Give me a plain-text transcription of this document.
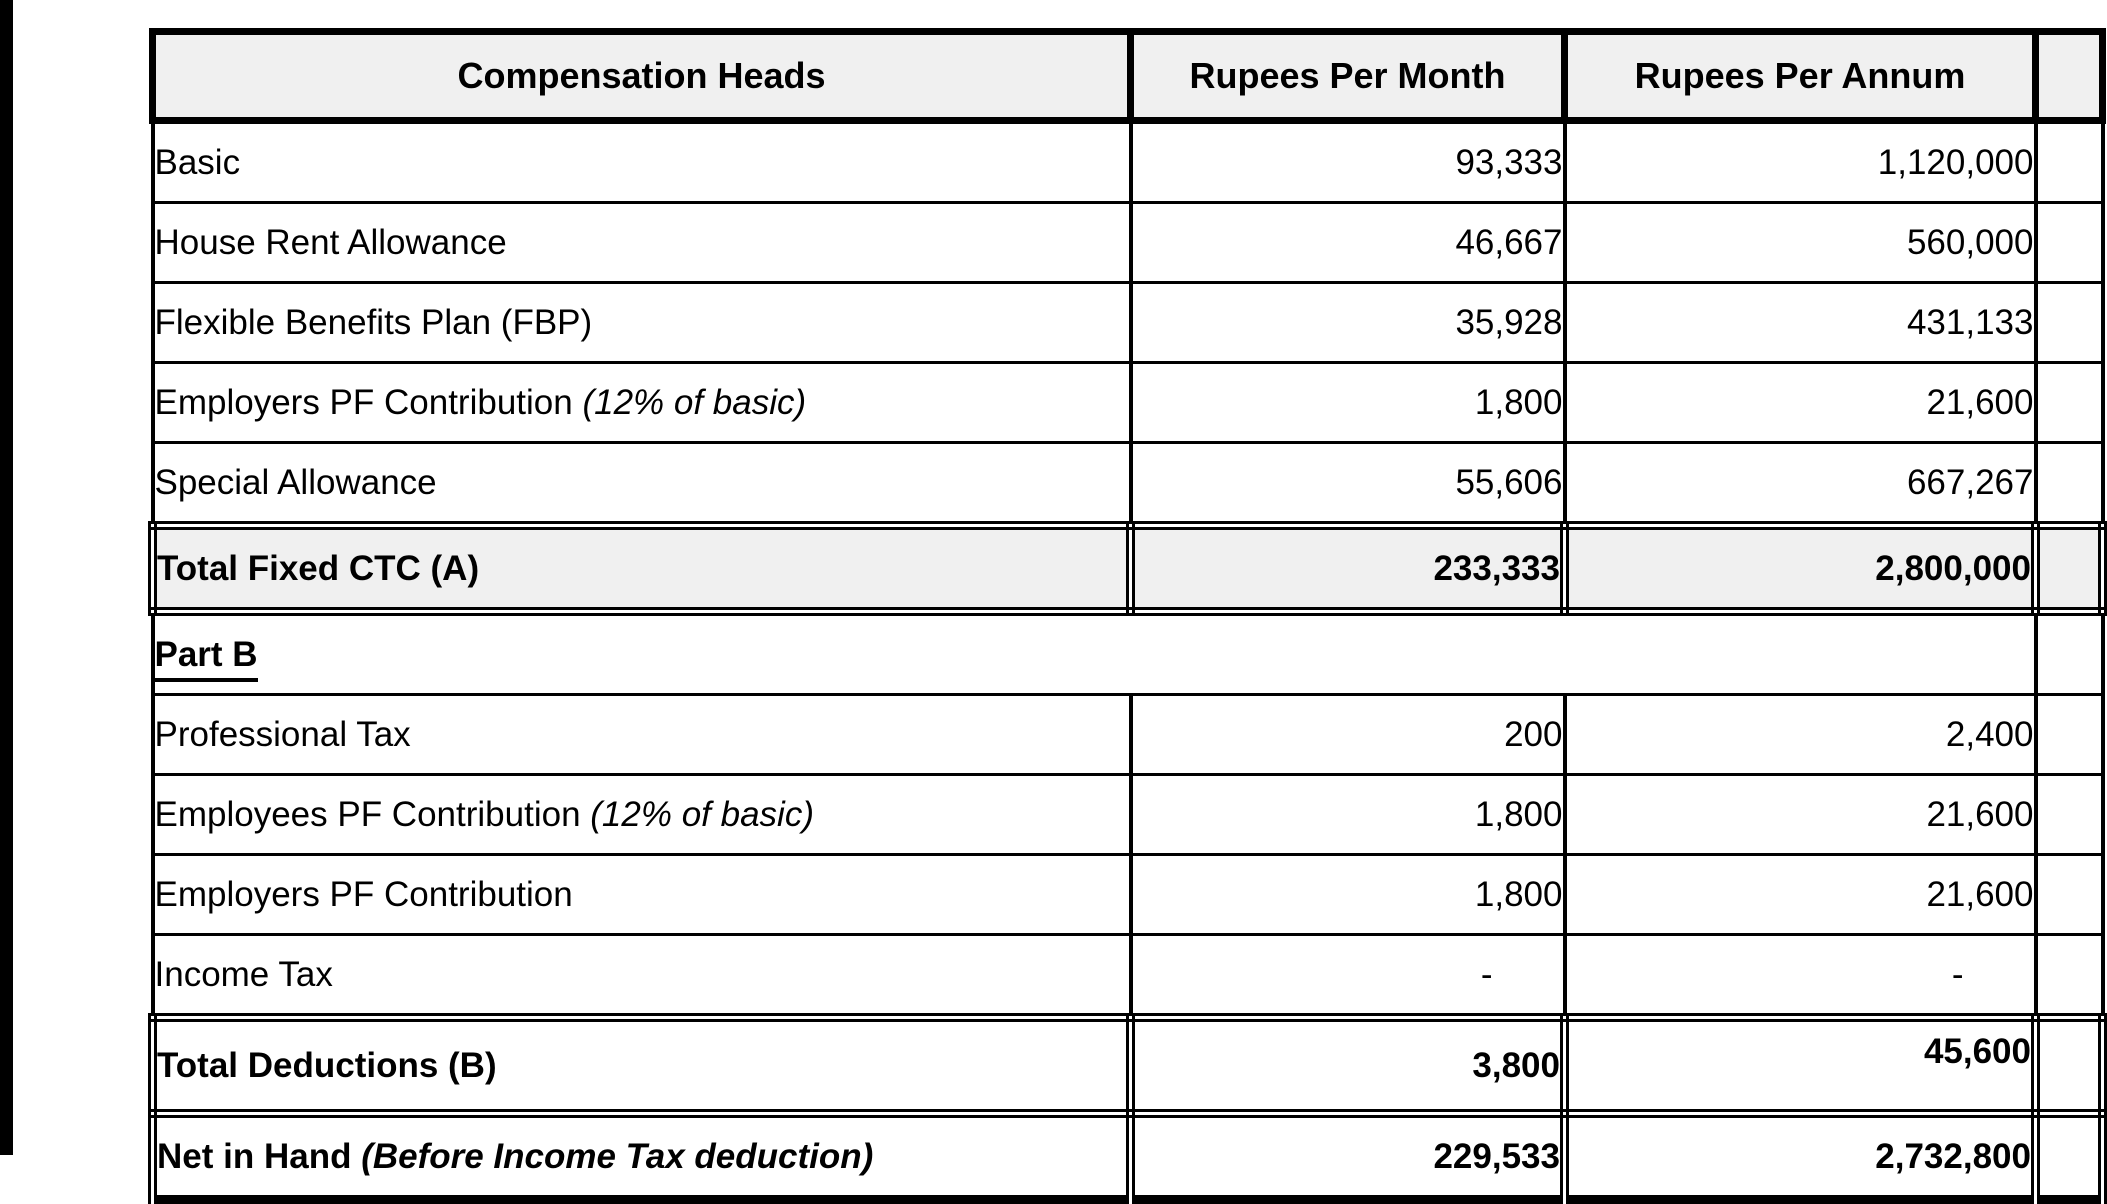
Compensation Heads	Rupees Per Month	Rupees Per Annum	
Basic	93,333	1,120,000	
House Rent Allowance	46,667	560,000	
Flexible Benefits Plan (FBP)	35,928	431,133	
Employers PF Contribution (12% of basic)	1,800	21,600	
Special Allowance	55,606	667,267	
Total Fixed CTC (A)	233,333	2,800,000	
Part B			
Professional Tax	200	2,400	
Employees PF Contribution (12% of basic)	1,800	21,600	
Employers PF Contribution	1,800	21,600	
Income Tax	-	-	
Total Deductions (B)	3,800	45,600	
Net in Hand (Before Income Tax deduction)	229,533	2,732,800	
